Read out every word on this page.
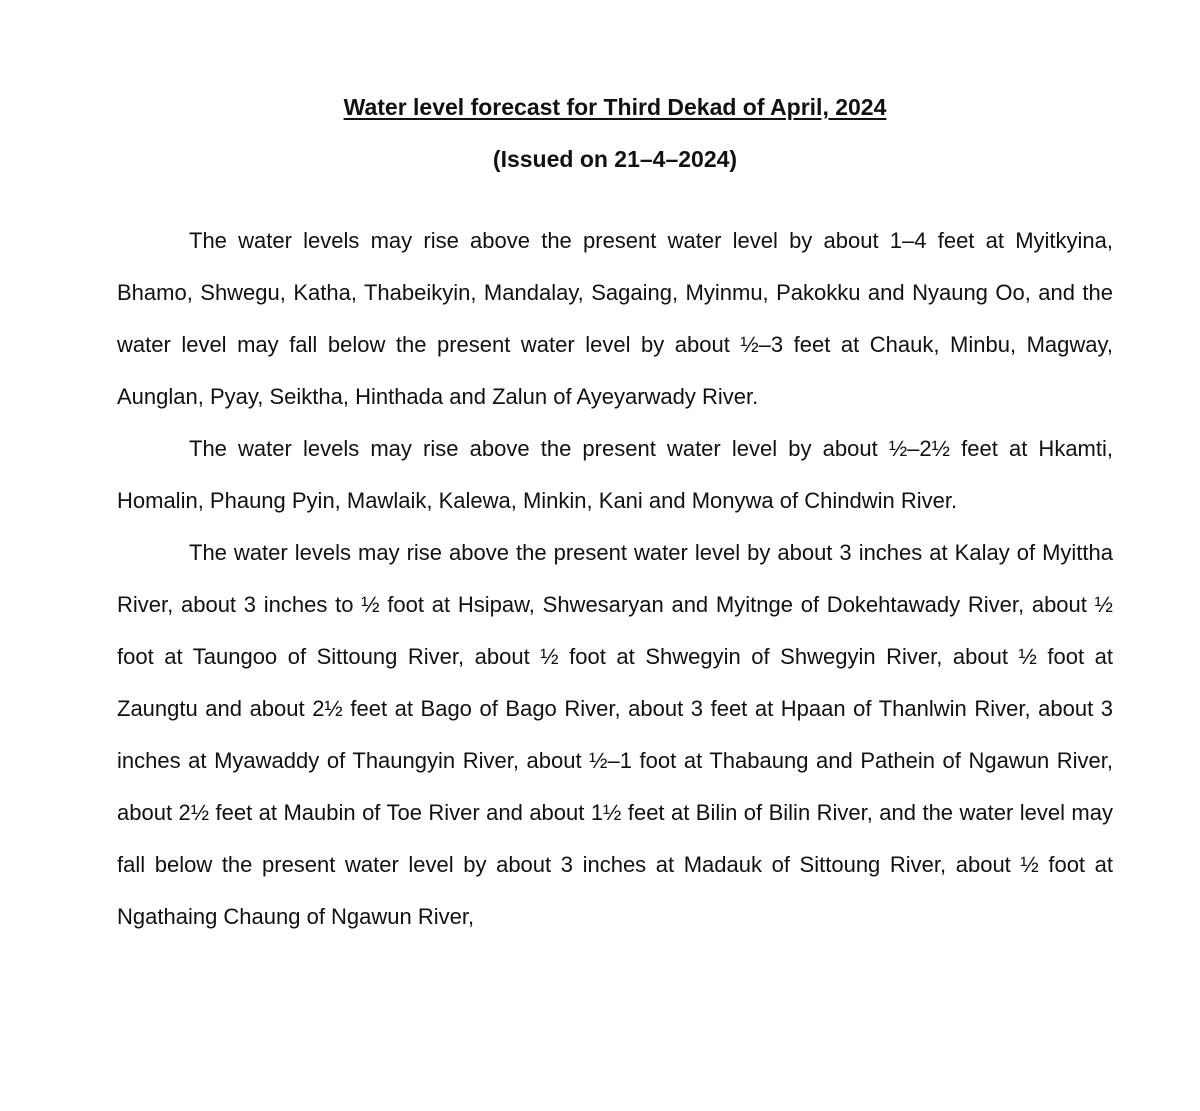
Water level forecast for Third Dekad of April, 2024
(Issued on 21–4–2024)

The water levels may rise above the present water level by about 1–4 feet at Myitkyina, Bhamo, Shwegu, Katha, Thabeikyin, Mandalay, Sagaing, Myinmu, Pakokku and Nyaung Oo, and the water level may fall below the present water level by about ½–3 feet at Chauk, Minbu, Magway, Aunglan, Pyay, Seiktha, Hinthada and Zalun of Ayeyarwady River.

The water levels may rise above the present water level by about ½–2½ feet at Hkamti, Homalin, Phaung Pyin, Mawlaik, Kalewa, Minkin, Kani and Monywa of Chindwin River.

The water levels may rise above the present water level by about 3 inches at Kalay of Myittha River, about 3 inches to ½ foot at Hsipaw, Shwesaryan and Myitnge of Dokehtawady River, about ½ foot at Taungoo of Sittoung River, about ½ foot at Shwegyin of Shwegyin River, about ½ foot at Zaungtu and about 2½ feet at Bago of Bago River, about 3 feet at Hpaan of Thanlwin River, about 3 inches at Myawaddy of Thaungyin River, about ½–1 foot at Thabaung and Pathein of Ngawun River, about 2½ feet at Maubin of Toe River and about 1½ feet at Bilin of Bilin River, and the water level may fall below the present water level by about 3 inches at Madauk of Sittoung River, about ½ foot at Ngathaing Chaung of Ngawun River,
